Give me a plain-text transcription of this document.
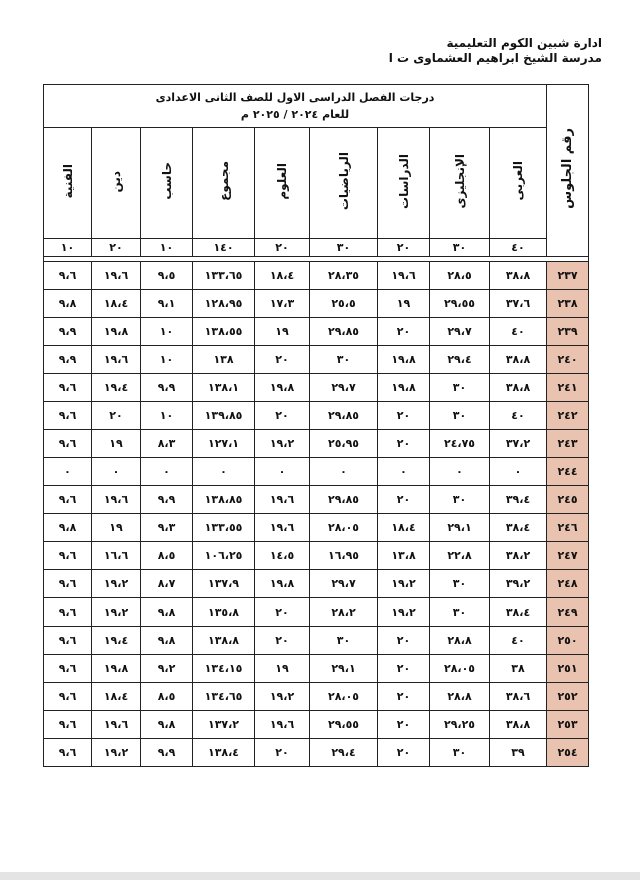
ادارة شبين الكوم التعليمية
مدرسة الشيخ ابراهيم العشماوى ت ا
رقم الجلوس	درجات الفصل الدراسى الاول للصف الثانى الاعدادى
للعام ٢٠٢٤ / ٢٠٢٥ م								

	العربى	الإنجليزى	الدراسات	الرياضيات	العلوم	مجموع	حاسب	دين	الفنية
	٤٠	٣٠	٢٠	٣٠	٢٠	١٤٠	١٠	٢٠	١٠

٢٣٧	٣٨،٨	٢٨،٥	١٩،٦	٢٨،٣٥	١٨،٤	١٣٣،٦٥	٩،٥	١٩،٦	٩،٦
٢٣٨	٣٧،٦	٢٩،٥٥	١٩	٢٥،٥	١٧،٣	١٢٨،٩٥	٩،١	١٨،٤	٩،٨
٢٣٩	٤٠	٢٩،٧	٢٠	٢٩،٨٥	١٩	١٣٨،٥٥	١٠	١٩،٨	٩،٩
٢٤٠	٣٨،٨	٢٩،٤	١٩،٨	٣٠	٢٠	١٣٨	١٠	١٩،٦	٩،٩
٢٤١	٣٨،٨	٣٠	١٩،٨	٢٩،٧	١٩،٨	١٣٨،١	٩،٩	١٩،٤	٩،٦
٢٤٢	٤٠	٣٠	٢٠	٢٩،٨٥	٢٠	١٣٩،٨٥	١٠	٢٠	٩،٦
٢٤٣	٣٧،٢	٢٤،٧٥	٢٠	٢٥،٩٥	١٩،٢	١٢٧،١	٨،٣	١٩	٩،٦
٢٤٤	٠	٠	٠	٠	٠	٠	٠	٠	٠
٢٤٥	٣٩،٤	٣٠	٢٠	٢٩،٨٥	١٩،٦	١٣٨،٨٥	٩،٩	١٩،٦	٩،٦
٢٤٦	٣٨،٤	٢٩،١	١٨،٤	٢٨،٠٥	١٩،٦	١٣٣،٥٥	٩،٣	١٩	٩،٨
٢٤٧	٣٨،٢	٢٢،٨	١٣،٨	١٦،٩٥	١٤،٥	١٠٦،٢٥	٨،٥	١٦،٦	٩،٦
٢٤٨	٣٩،٢	٣٠	١٩،٢	٢٩،٧	١٩،٨	١٣٧،٩	٨،٧	١٩،٢	٩،٦
٢٤٩	٣٨،٤	٣٠	١٩،٢	٢٨،٢	٢٠	١٣٥،٨	٩،٨	١٩،٢	٩،٦
٢٥٠	٤٠	٢٨،٨	٢٠	٣٠	٢٠	١٣٨،٨	٩،٨	١٩،٤	٩،٦
٢٥١	٣٨	٢٨،٠٥	٢٠	٢٩،١	١٩	١٣٤،١٥	٩،٢	١٩،٨	٩،٦
٢٥٢	٣٨،٦	٢٨،٨	٢٠	٢٨،٠٥	١٩،٢	١٣٤،٦٥	٨،٥	١٨،٤	٩،٦
٢٥٣	٣٨،٨	٢٩،٢٥	٢٠	٢٩،٥٥	١٩،٦	١٣٧،٢	٩،٨	١٩،٦	٩،٦
٢٥٤	٣٩	٣٠	٢٠	٢٩،٤	٢٠	١٣٨،٤	٩،٩	١٩،٢	٩،٦
